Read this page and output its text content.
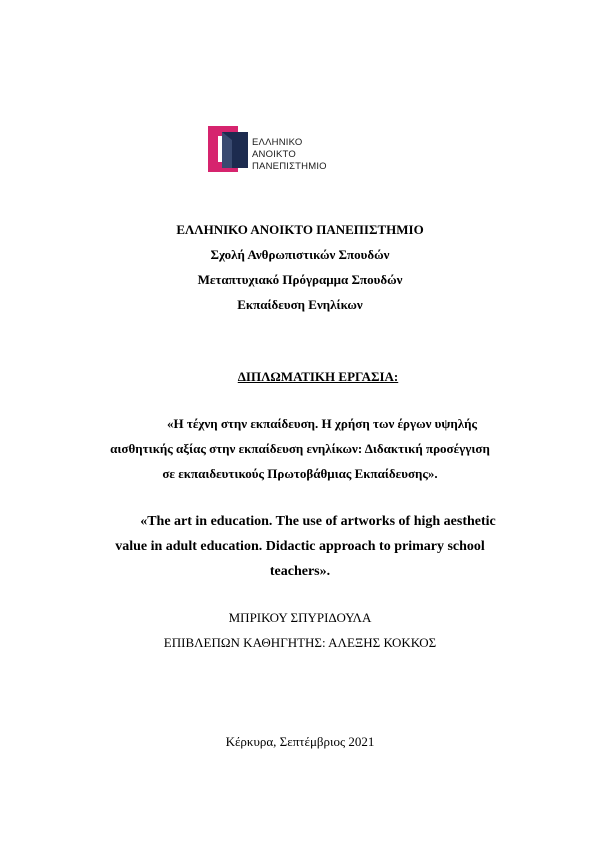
ΕΛΛΗΝΙΚΟ
ΑΝΟΙΚΤΟ
ΠΑΝΕΠΙΣΤΗΜΙΟ
ΕΛΛΗΝΙΚΟ ΑΝΟΙΚΤΟ ΠΑΝΕΠΙΣΤΗΜΙΟ
Σχολή Ανθρωπιστικών Σπουδών
Μεταπτυχιακό Πρόγραμμα Σπουδών
Εκπαίδευση Ενηλίκων
ΔΙΠΛΩΜΑΤΙΚΗ ΕΡΓΑΣΙΑ:
«Η τέχνη στην εκπαίδευση. Η χρήση των έργων υψηλής
αισθητικής αξίας στην εκπαίδευση ενηλίκων: Διδακτική προσέγγιση
σε εκπαιδευτικούς Πρωτοβάθμιας Εκπαίδευσης».
«The art in education. The use of artworks of high aesthetic
value in adult education. Didactic approach to primary school
teachers».
ΜΠΡΙΚΟΥ ΣΠΥΡΙΔΟΥΛΑ
ΕΠΙΒΛΕΠΩΝ ΚΑΘΗΓΗΤΗΣ: ΑΛΕΞΗΣ ΚΟΚΚΟΣ
Κέρκυρα, Σεπτέμβριος 2021
